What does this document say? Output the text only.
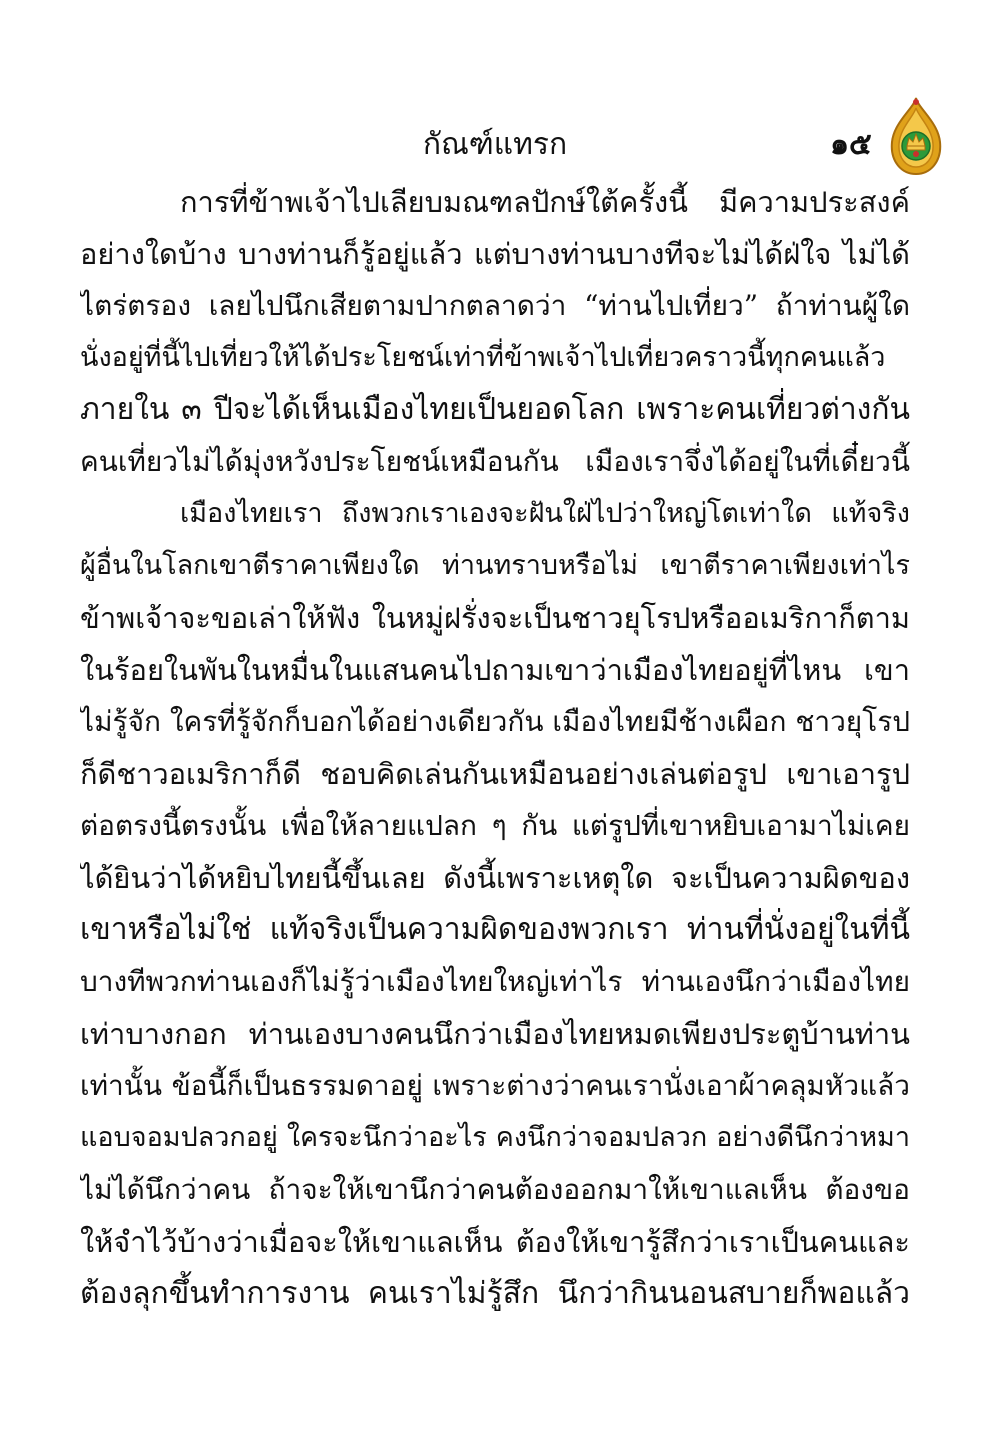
กัณฑ์แทรก	๑๕
การที่ข้าพเจ้าไปเลียบมณฑลปักษ์ใต้ครั้งนี้ มีความประสงค์
อย่างใดบ้าง บางท่านก็รู้อยู่แล้ว แต่บางท่านบางทีจะไม่ได้ฝ่ใจ ไม่ได้
ไตร่ตรอง เลยไปนึกเสียตามปากตลาดว่า “ท่านไปเที่ยว” ถ้าท่านผู้ใด
นั่งอยู่ที่นี้ไปเที่ยวให้ได้ประโยชน์เท่าที่ข้าพเจ้าไปเที่ยวคราวนี้ทุกคนแล้ว
ภายใน ๓ ปีจะได้เห็นเมืองไทยเป็นยอดโลก เพราะคนเที่ยวต่างกัน
คนเที่ยวไม่ได้มุ่งหวังประโยชน์เหมือนกัน เมืองเราจึ่งได้อยู่ในที่เดี๋ยวนี้
เมืองไทยเรา ถึงพวกเราเองจะฝันใฝ่ไปว่าใหญ่โตเท่าใด แท้จริง
ผู้อื่นในโลกเขาตีราคาเพียงใด ท่านทราบหรือไม่ เขาตีราคาเพียงเท่าไร
ข้าพเจ้าจะขอเล่าให้ฟัง ในหมู่ฝรั่งจะเป็นชาวยุโรปหรืออเมริกาก็ตาม
ในร้อยในพันในหมื่นในแสนคนไปถามเขาว่าเมืองไทยอยู่ที่ไหน เขา
ไม่รู้จัก ใครที่รู้จักก็บอกได้อย่างเดียวกัน เมืองไทยมีช้างเผือก ชาวยุโรป
ก็ดีชาวอเมริกาก็ดี ชอบคิดเล่นกันเหมือนอย่างเล่นต่อรูป เขาเอารูป
ต่อตรงนี้ตรงนั้น เพื่อให้ลายแปลก ๆ กัน แต่รูปที่เขาหยิบเอามาไม่เคย
ได้ยินว่าได้หยิบไทยนี้ขึ้นเลย ดังนี้เพราะเหตุใด จะเป็นความผิดของ
เขาหรือไม่ใช่ แท้จริงเป็นความผิดของพวกเรา ท่านที่นั่งอยู่ในที่นี้
บางทีพวกท่านเองก็ไม่รู้ว่าเมืองไทยใหญ่เท่าไร ท่านเองนึกว่าเมืองไทย
เท่าบางกอก ท่านเองบางคนนึกว่าเมืองไทยหมดเพียงประตูบ้านท่าน
เท่านั้น ข้อนี้ก็เป็นธรรมดาอยู่ เพราะต่างว่าคนเรานั่งเอาผ้าคลุมหัวแล้ว
แอบจอมปลวกอยู่ ใครจะนึกว่าอะไร คงนึกว่าจอมปลวก อย่างดีนึกว่าหมา
ไม่ได้นึกว่าคน ถ้าจะให้เขานึกว่าคนต้องออกมาให้เขาแลเห็น ต้องขอ
ให้จำไว้บ้างว่าเมื่อจะให้เขาแลเห็น ต้องให้เขารู้สึกว่าเราเป็นคนและ
ต้องลุกขึ้นทำการงาน คนเราไม่รู้สึก นึกว่ากินนอนสบายก็พอแล้ว
